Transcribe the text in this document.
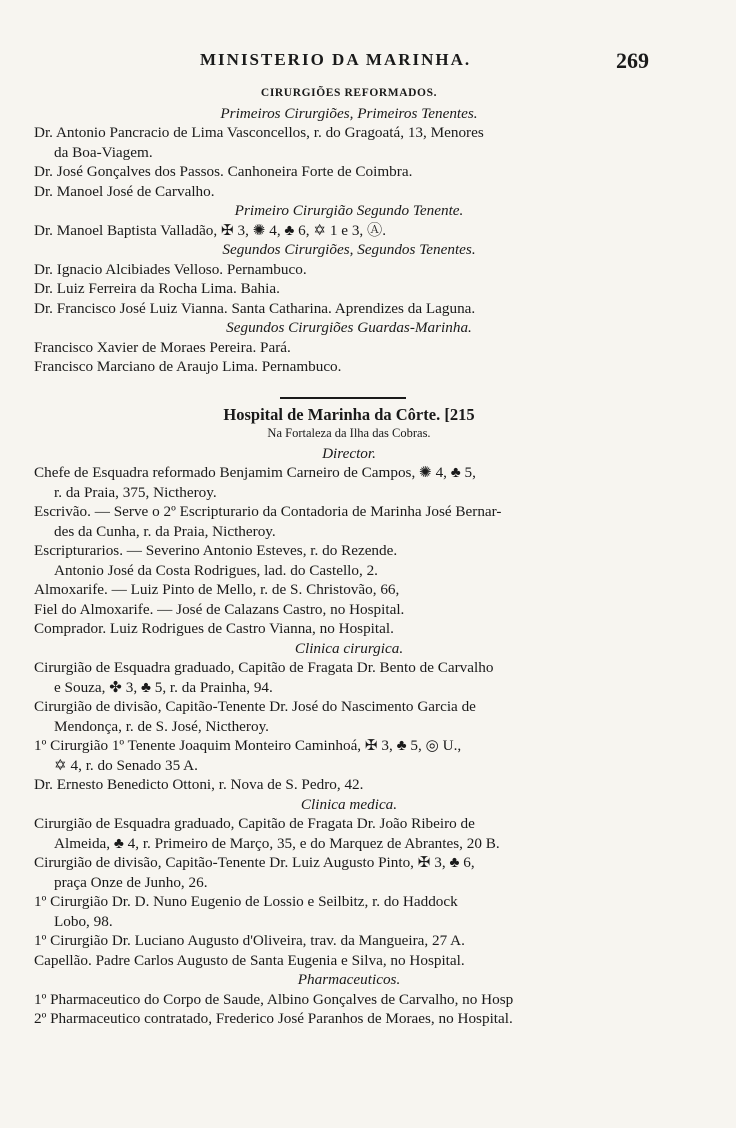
MINISTERIO DA MARINHA.	269
CIRURGIÕES REFORMADOS.
Primeiros Cirurgiões, Primeiros Tenentes.
Dr. Antonio Pancracio de Lima Vasconcellos, r. do Gragoatá, 13, Menores
da Boa-Viagem.
Dr. José Gonçalves dos Passos. Canhoneira Forte de Coimbra.
Dr. Manoel José de Carvalho.
Primeiro Cirurgião Segundo Tenente.
Dr. Manoel Baptista Valladão, ✠ 3, ✺ 4, ♣ 6, ✡ 1 e 3, Ⓐ.
Segundos Cirurgiões, Segundos Tenentes.
Dr. Ignacio Alcibiades Velloso. Pernambuco.
Dr. Luiz Ferreira da Rocha Lima. Bahia.
Dr. Francisco José Luiz Vianna. Santa Catharina. Aprendizes da Laguna.
Segundos Cirurgiões Guardas-Marinha.
Francisco Xavier de Moraes Pereira. Pará.
Francisco Marciano de Araujo Lima. Pernambuco.
Hospital de Marinha da Côrte. [215
Na Fortaleza da Ilha das Cobras.
Director.
Chefe de Esquadra reformado Benjamim Carneiro de Campos, ✺ 4, ♣ 5,
r. da Praia, 375, Nictheroy.
Escrivão. — Serve o 2º Escripturario da Contadoria de Marinha José Bernar-
des da Cunha, r. da Praia, Nictheroy.
Escripturarios. — Severino Antonio Esteves, r. do Rezende.
Antonio José da Costa Rodrigues, lad. do Castello, 2.
Almoxarife. — Luiz Pinto de Mello, r. de S. Christovão, 66,
Fiel do Almoxarife. — José de Calazans Castro, no Hospital.
Comprador. Luiz Rodrigues de Castro Vianna, no Hospital.
Clinica cirurgica.
Cirurgião de Esquadra graduado, Capitão de Fragata Dr. Bento de Carvalho
e Souza, ✤ 3, ♣ 5, r. da Prainha, 94.
Cirurgião de divisão, Capitão-Tenente Dr. José do Nascimento Garcia de
Mendonça, r. de S. José, Nictheroy.
1º Cirurgião 1º Tenente Joaquim Monteiro Caminhoá, ✠ 3, ♣ 5, ◎ U.,
✡ 4, r. do Senado 35 A.
Dr. Ernesto Benedicto Ottoni, r. Nova de S. Pedro, 42.
Clinica medica.
Cirurgião de Esquadra graduado, Capitão de Fragata Dr. João Ribeiro de
Almeida, ♣ 4, r. Primeiro de Março, 35, e do Marquez de Abrantes, 20 B.
Cirurgião de divisão, Capitão-Tenente Dr. Luiz Augusto Pinto, ✠ 3, ♣ 6,
praça Onze de Junho, 26.
1º Cirurgião Dr. D. Nuno Eugenio de Lossio e Seilbitz, r. do Haddock
Lobo, 98.
1º Cirurgião Dr. Luciano Augusto d'Oliveira, trav. da Mangueira, 27 A.
Capellão. Padre Carlos Augusto de Santa Eugenia e Silva, no Hospital.
Pharmaceuticos.
1º Pharmaceutico do Corpo de Saude, Albino Gonçalves de Carvalho, no Hosp
2º Pharmaceutico contratado, Frederico José Paranhos de Moraes, no Hospital.
